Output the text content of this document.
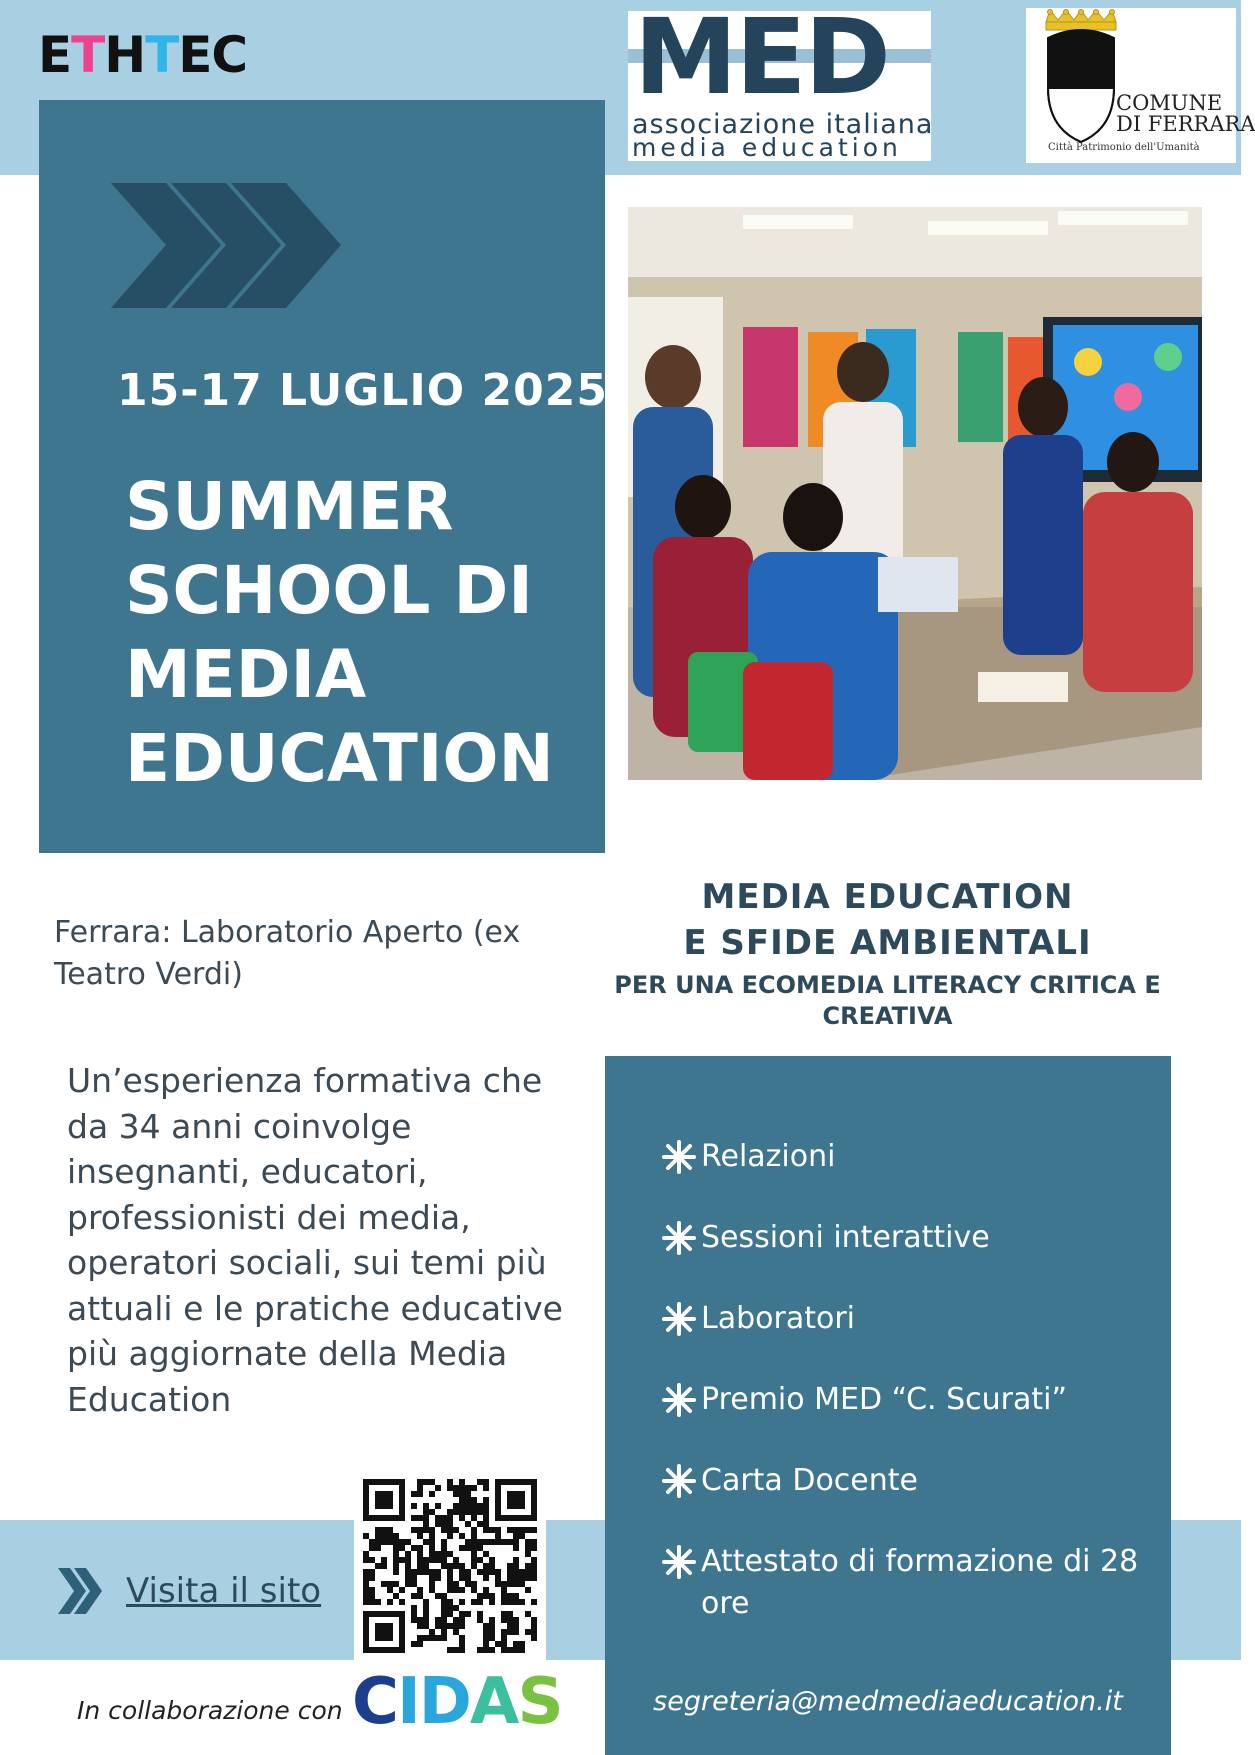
ETHTEC	MED
associazione italiana
media education
COMUNE
DI FERRARA
Città Patrimonio dell'Umanità
15-17 LUGLIO 2025
SUMMER
SCHOOL DI
MEDIA
EDUCATION

Ferrara: Laboratorio Aperto (ex Teatro Verdi)

MEDIA EDUCATION
E SFIDE AMBIENTALI
PER UNA ECOMEDIA LITERACY CRITICA E CREATIVA

Un’esperienza formativa che da 34 anni coinvolge insegnanti, educatori, professionisti dei media, operatori sociali, sui temi più attuali e le pratiche educative più aggiornate della Media Education

Relazioni
Sessioni interattive
Laboratori
Premio MED “C. Scurati”
Carta Docente
Attestato di formazione di 28 ore
segreteria@medmediaeducation.it
Visita il sito
In collaborazione con CIDAS
